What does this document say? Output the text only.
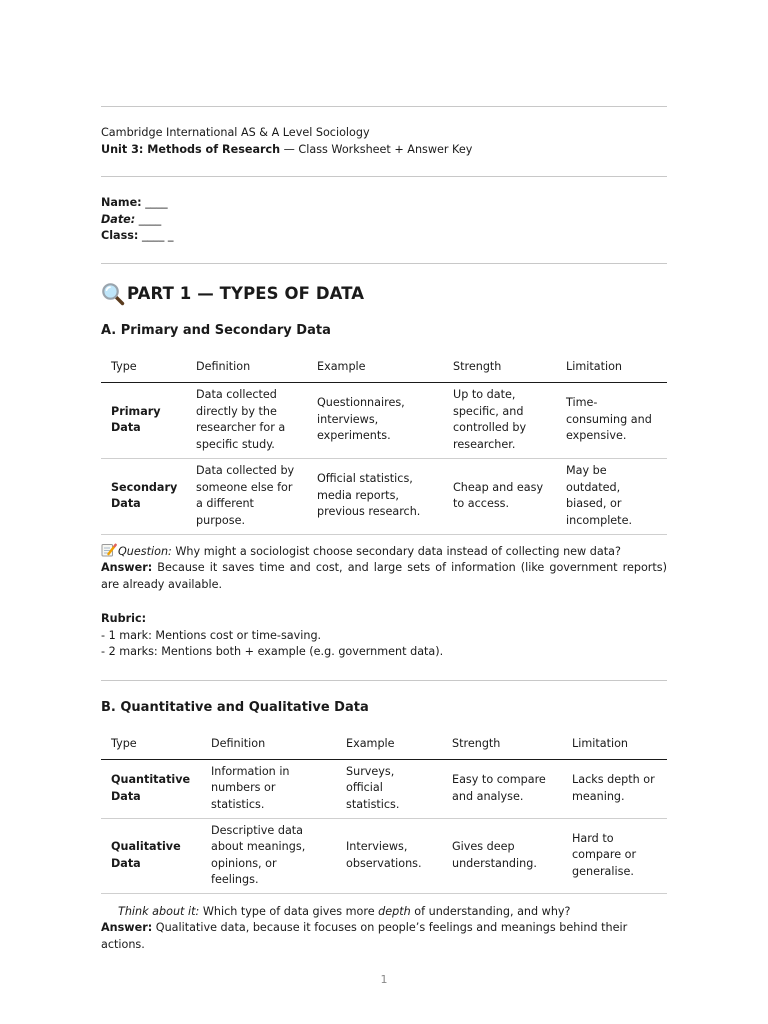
Cambridge International AS & A Level Sociology
Unit 3: Methods of Research — Class Worksheet + Answer Key
Name: ____
Date: ____
Class: ____ _
PART 1 — TYPES OF DATA
A. Primary and Secondary Data
Type	Definition	Example	Strength	Limitation
Primary Data	Data collected directly by the researcher for a specific study.	Questionnaires, interviews, experiments.	Up to date, specific, and controlled by researcher.	Time-consuming and expensive.
Secondary Data	Data collected by someone else for a different purpose.	Official statistics, media reports, previous research.	Cheap and easy to access.	May be outdated, biased, or incomplete.
Question: Why might a sociologist choose secondary data instead of collecting new data?
Answer: Because it saves time and cost, and large sets of information (like government reports) are already available.
Rubric:
- 1 mark: Mentions cost or time-saving.
- 2 marks: Mentions both + example (e.g. government data).
B. Quantitative and Qualitative Data
Type	Definition	Example	Strength	Limitation
Quantitative Data	Information in numbers or statistics.	Surveys, official statistics.	Easy to compare and analyse.	Lacks depth or meaning.
Qualitative Data	Descriptive data about meanings, opinions, or feelings.	Interviews, observations.	Gives deep understanding.	Hard to compare or generalise.
Think about it: Which type of data gives more depth of understanding, and why?
Answer: Qualitative data, because it focuses on people’s feelings and meanings behind their actions.
1
